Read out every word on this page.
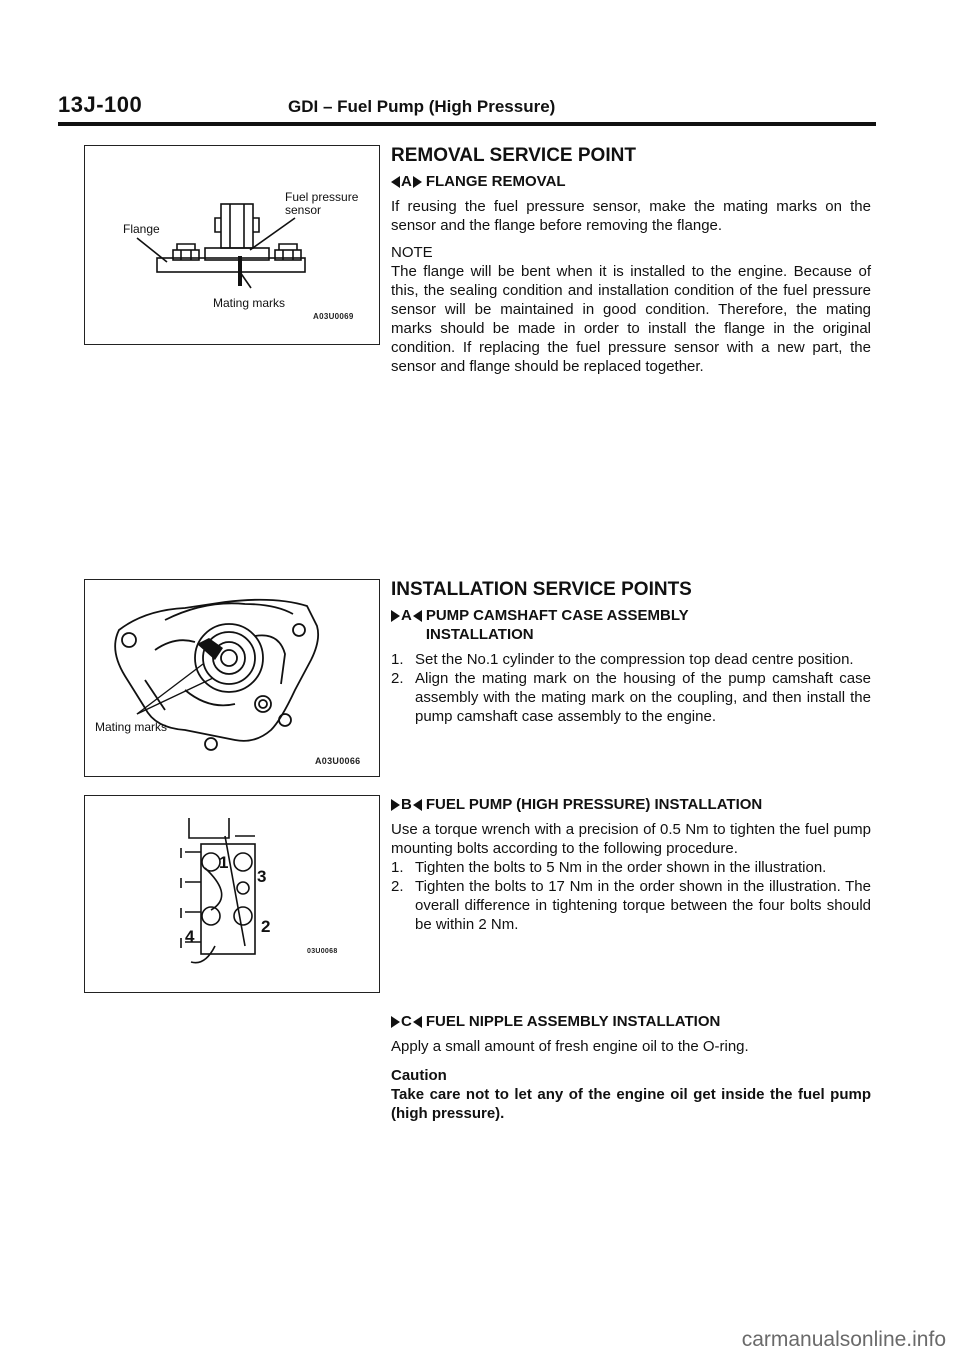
13J-100	GDI – Fuel Pump (High Pressure)
Flange
Fuel pressure
sensor
Mating marks
A03U0069
Mating marks
A03U0066
1
3
2
4
03U0068
REMOVAL SERVICE POINT
A FLANGE REMOVAL

If reusing the fuel pressure sensor, make the mating marks on the sensor and the flange before removing the flange.

NOTE

The flange will be bent when it is installed to the engine. Because of this, the sealing condition and installation condition of the fuel pressure sensor will be maintained in good condition. Therefore, the mating marks should be made in order to install the flange in the original condition. If replacing the fuel pressure sensor with a new part, the sensor and flange should be replaced together.

INSTALLATION SERVICE POINTS
A PUMP CAMSHAFT CASE ASSEMBLY INSTALLATION
1. Set the No.1 cylinder to the compression top dead centre position.
2. Align the mating mark on the housing of the pump camshaft case assembly with the mating mark on the coupling, and then install the pump camshaft case assembly to the engine.
B FUEL PUMP (HIGH PRESSURE) INSTALLATION

Use a torque wrench with a precision of 0.5 Nm to tighten the fuel pump mounting bolts according to the following procedure.

1. Tighten the bolts to 5 Nm in the order shown in the illustration.
2. Tighten the bolts to 17 Nm in the order shown in the illustration. The overall difference in tightening torque between the four bolts should be within 2 Nm.
C FUEL NIPPLE ASSEMBLY INSTALLATION

Apply a small amount of fresh engine oil to the O-ring.

Caution

Take care not to let any of the engine oil get inside the fuel pump (high pressure).

carmanualsonline.info
